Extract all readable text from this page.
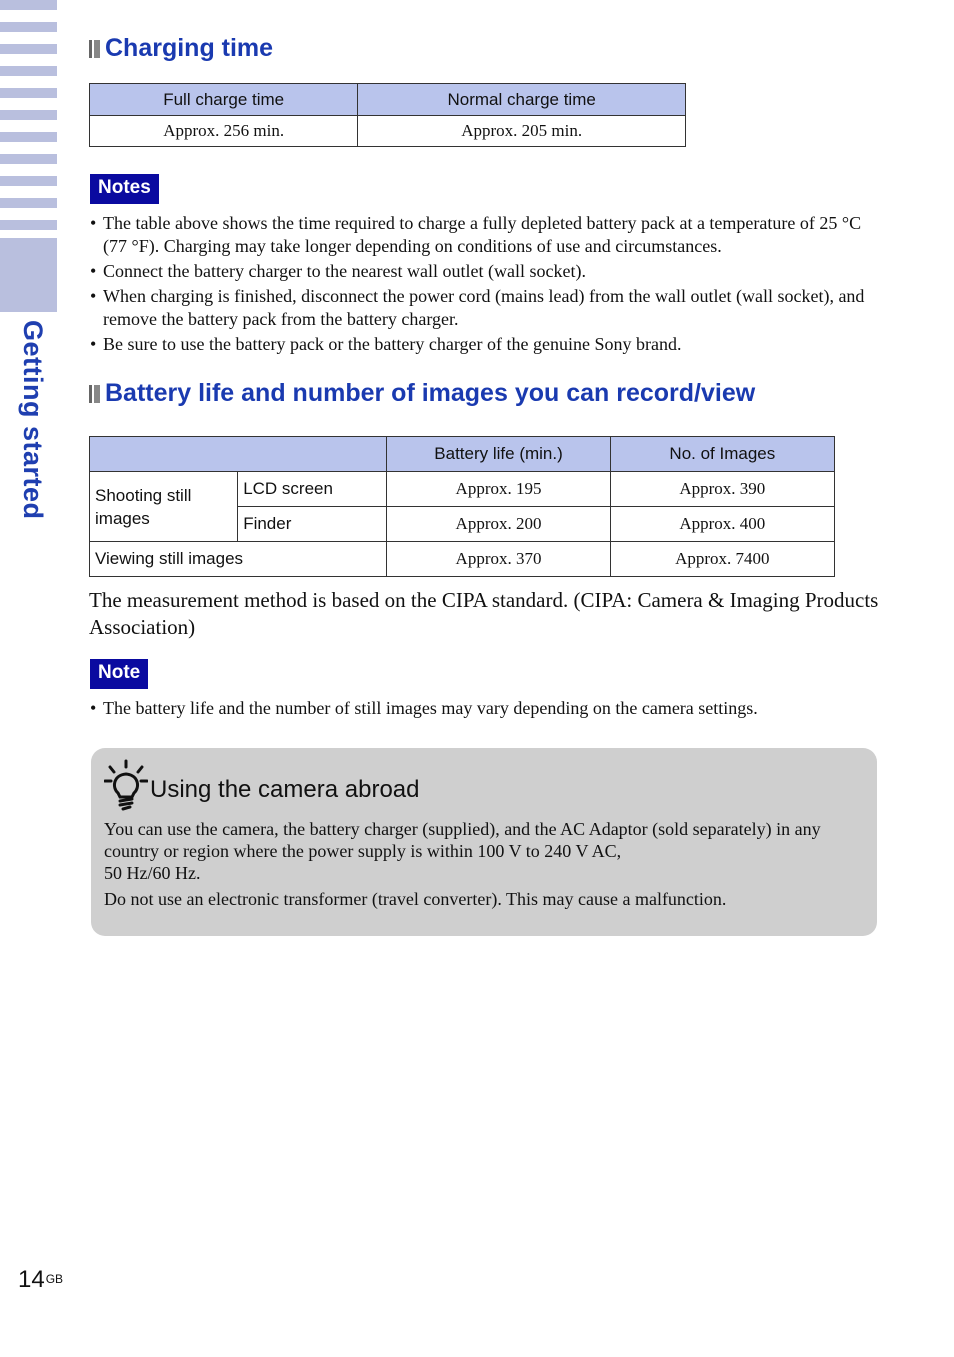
Getting started
Charging time
Full charge time	Normal charge time
Approx. 256 min.	Approx. 205 min.
Notes
• The table above shows the time required to charge a fully depleted battery pack at a temperature of 25 °C (77 °F). Charging may take longer depending on conditions of use and circumstances.
• Connect the battery charger to the nearest wall outlet (wall socket).
• When charging is finished, disconnect the power cord (mains lead) from the wall outlet (wall socket), and remove the battery pack from the battery charger.
• Be sure to use the battery pack or the battery charger of the genuine Sony brand.
Battery life and number of images you can record/view
		Battery life (min.)	No. of Images
Shooting still images	LCD screen	Approx. 195	Approx. 390
	Finder	Approx. 200	Approx. 400
Viewing still images		Approx. 370	Approx. 7400
The measurement method is based on the CIPA standard. (CIPA: Camera & Imaging Products Association)
Note
• The battery life and the number of still images may vary depending on the camera settings.
Using the camera abroad

You can use the camera, the battery charger (supplied), and the AC Adaptor (sold separately) in any country or region where the power supply is within 100 V to 240 V AC,
50 Hz/60 Hz.

Do not use an electronic transformer (travel converter). This may cause a malfunction.

$14^{GB}$
